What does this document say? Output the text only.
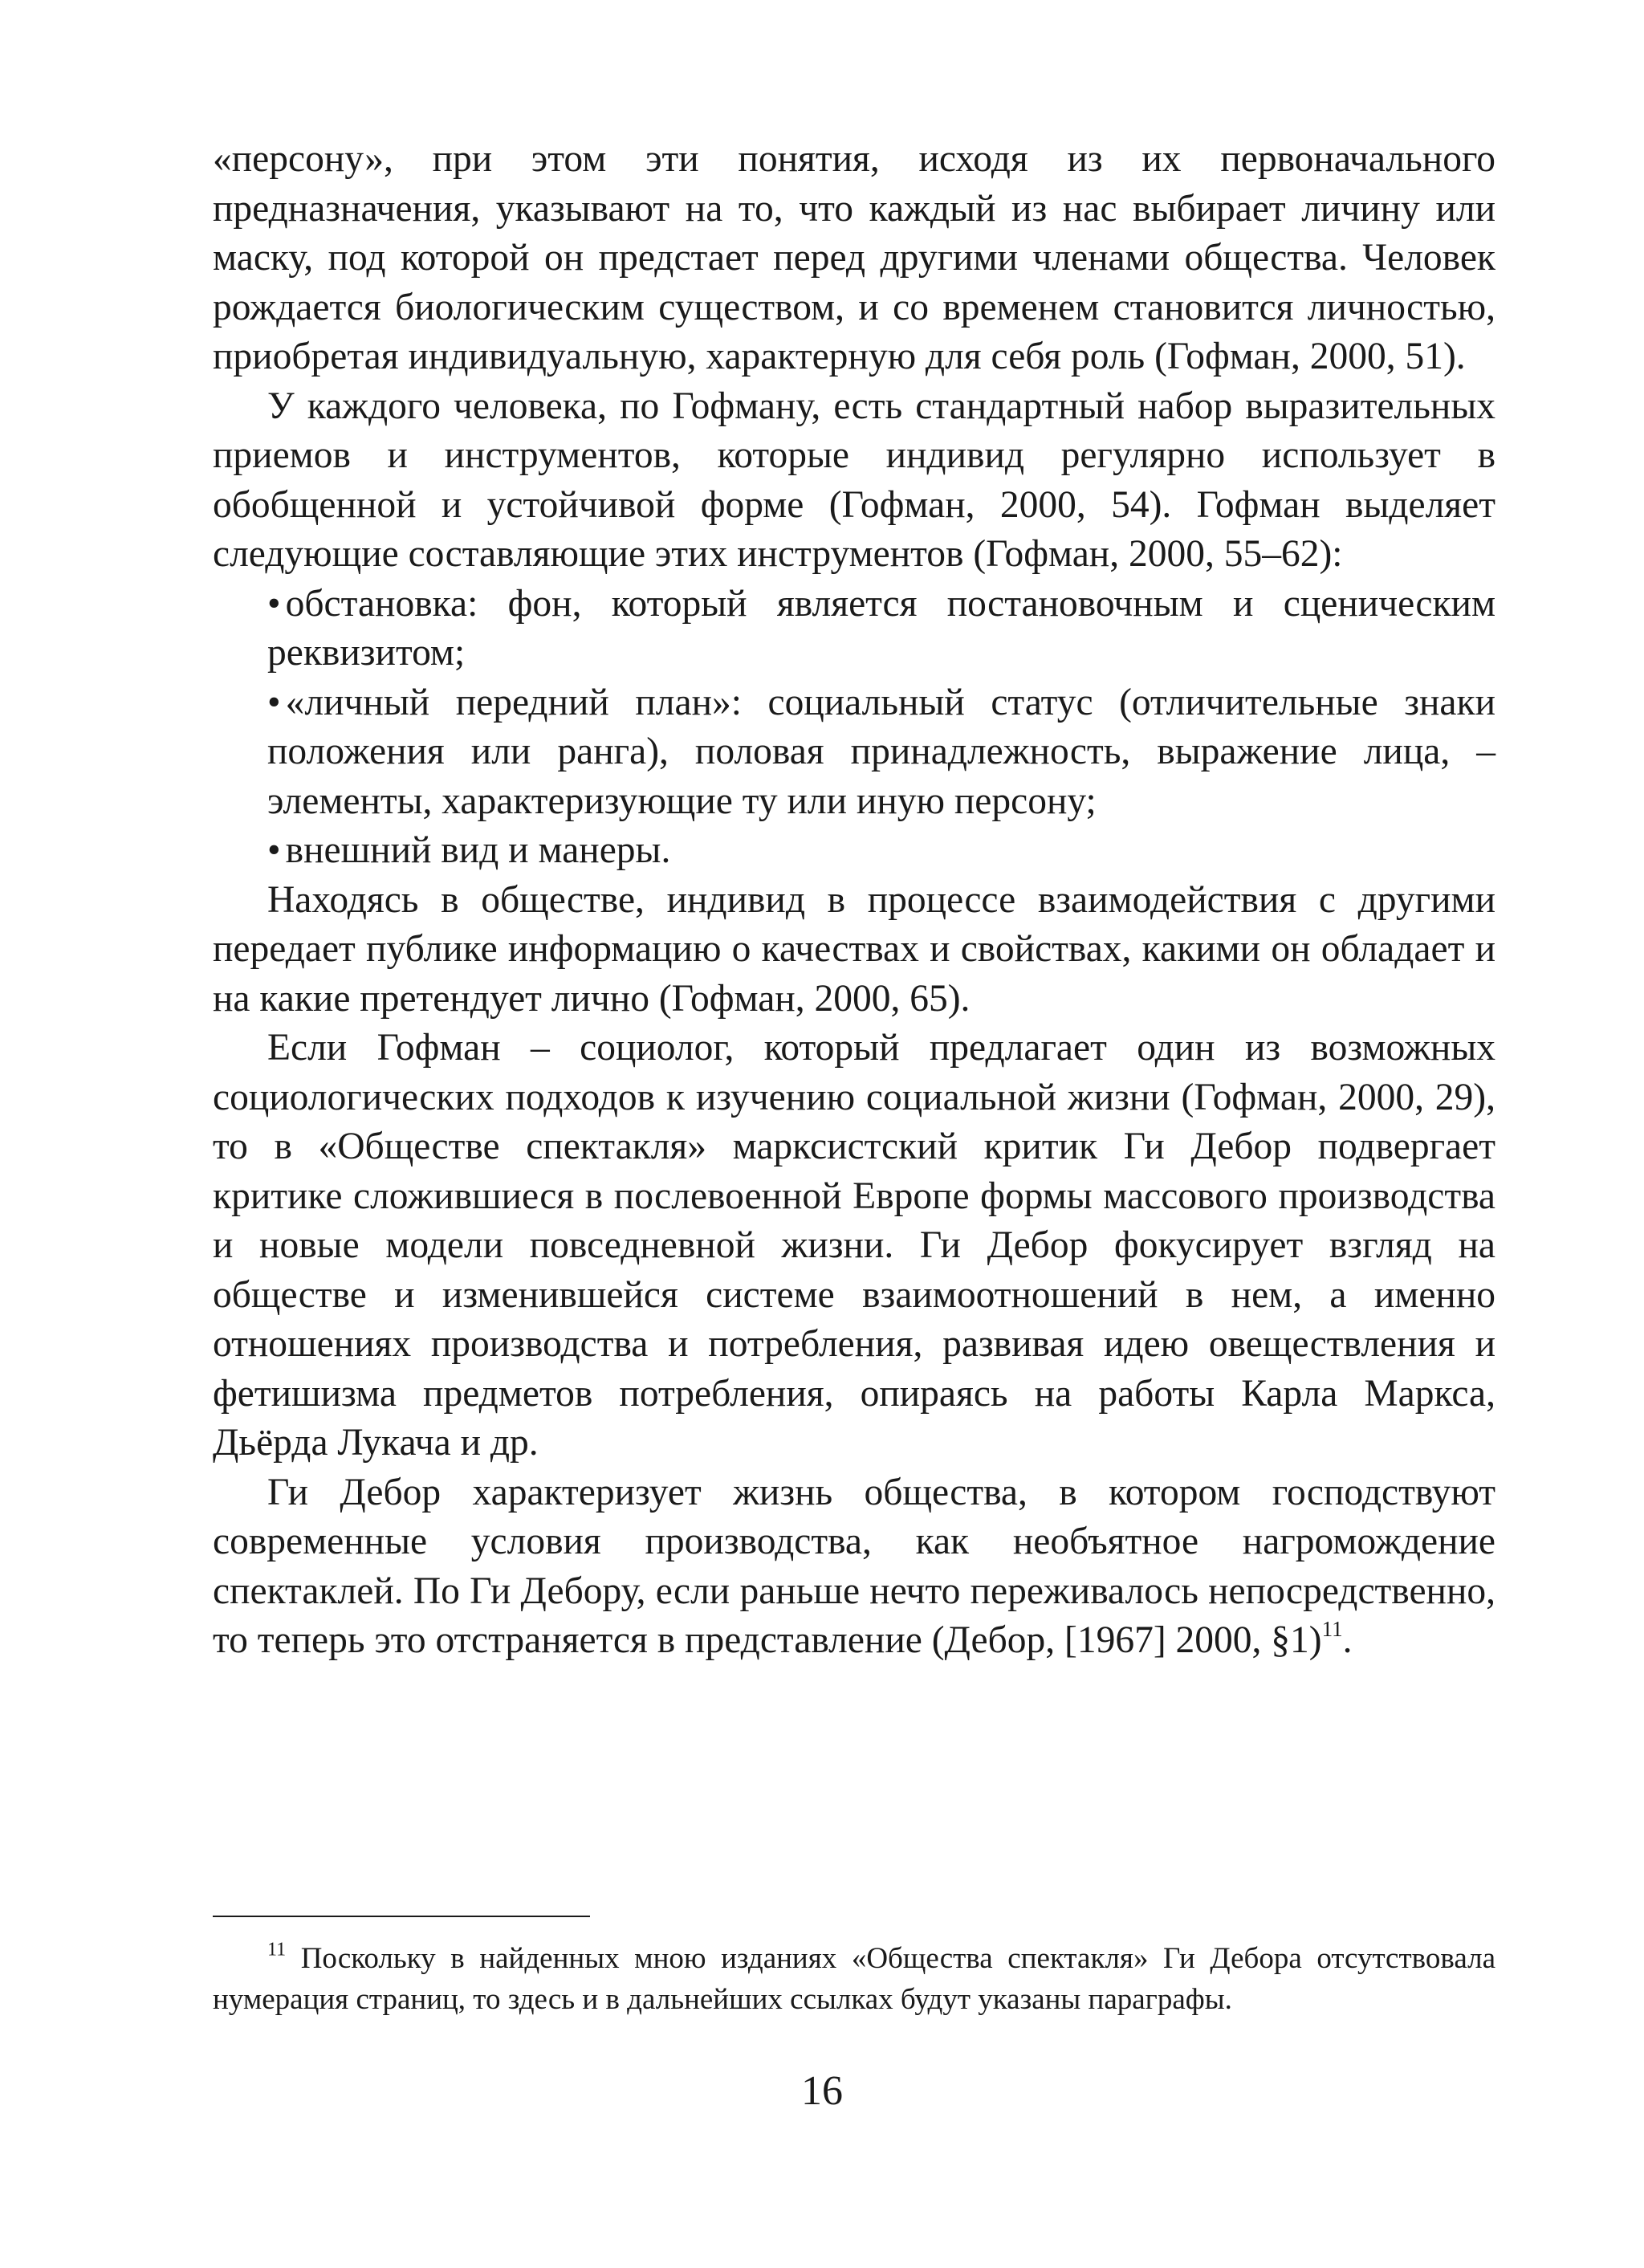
«персону», при этом эти понятия, исходя из их первоначального предназначения, указывают на то, что каждый из нас выбирает личину или маску, под которой он предстает перед другими членами общества. Человек рождается биологическим существом, и со временем становится личностью, приобретая индивидуальную, характерную для себя роль (Гофман, 2000, 51).

У каждого человека, по Гофману, есть стандартный набор выразительных приемов и инструментов, которые индивид регулярно использует в обобщенной и устойчивой форме (Гофман, 2000, 54). Гофман выделяет следующие составляющие этих инструментов (Гофман, 2000, 55–62):

• обстановка: фон, который является постановочным и сценическим реквизитом;

• «личный передний план»: социальный статус (отличительные знаки положения или ранга), половая принадлежность, выражение лица, – элементы, характеризующие ту или иную персону;

• внешний вид и манеры.

Находясь в обществе, индивид в процессе взаимодействия с другими передает публике информацию о качествах и свойствах, какими он обладает и на какие претендует лично (Гофман, 2000, 65).

Если Гофман – социолог, который предлагает один из возможных социологических подходов к изучению социальной жизни (Гофман, 2000, 29), то в «Обществе спектакля» марксистский критик Ги Дебор подвергает критике сложившиеся в послевоенной Европе формы массового производства и новые модели повседневной жизни. Ги Дебор фокусирует взгляд на обществе и изменившейся системе взаимоотношений в нем, а именно отношениях производства и потребления, развивая идею овеществления и фетишизма предметов потребления, опираясь на работы Карла Маркса, Дьёрда Лукача и др.

Ги Дебор характеризует жизнь общества, в котором господствуют современные условия производства, как необъятное нагромождение спектаклей. По Ги Дебору, если раньше нечто переживалось непосредственно, то теперь это отстраняется в представление (Дебор, [1967] 2000, §1)$^{11}$.

$^{11}$ Поскольку в найденных мною изданиях «Общества спектакля» Ги Дебора отсутствовала нумерация страниц, то здесь и в дальнейших ссылках будут указаны параграфы.

16
